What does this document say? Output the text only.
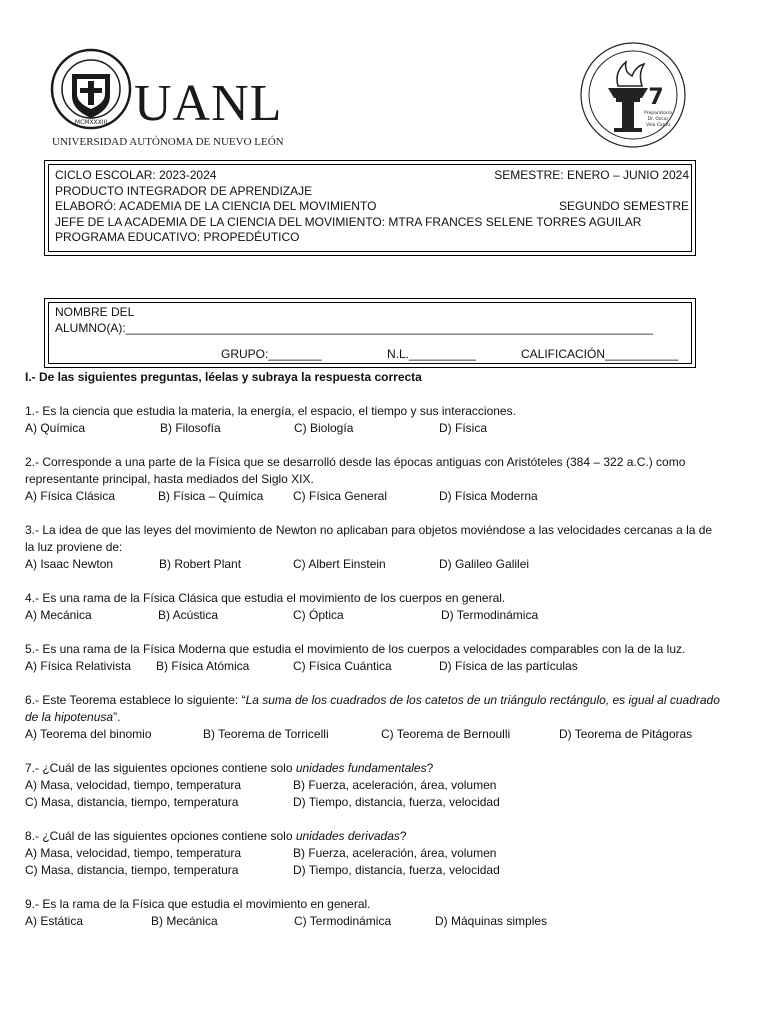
MCMXXXIII UANL
UNIVERSIDAD AUTÓNOMA DE NUEVO LEÓN
7
Preparatoria
Dr. Oscar
Vela Cantú
CICLO ESCOLAR: 2023-2024	SEMESTRE: ENERO – JUNIO 2024
PRODUCTO INTEGRADOR DE APRENDIZAJE
ELABORÓ: ACADEMIA DE LA CIENCIA DEL MOVIMIENTO	SEGUNDO SEMESTRE
JEFE DE LA ACADEMIA DE LA CIENCIA DEL MOVIMIENTO: MTRA FRANCES SELENE TORRES AGUILAR
PROGRAMA EDUCATIVO: PROPEDÉUTICO
NOMBRE DEL
ALUMNO(A):_______________________________________________________________________________
GRUPO:________	N.L.__________	CALIFICACIÓN___________
I.- De las siguientes preguntas, léelas y subraya la respuesta correcta
1.- Es la ciencia que estudia la materia, la energía, el espacio, el tiempo y sus interacciones.
A) Química	B) Filosofía	C) Biología	D) Física
2.- Corresponde a una parte de la Física que se desarrolló desde las épocas antiguas con Aristóteles (384 – 322 a.C.) como representante principal, hasta mediados del Siglo XIX.
A) Física Clásica	B) Física – Química C) Física General	D) Física Moderna
3.- La idea de que las leyes del movimiento de Newton no aplicaban para objetos moviéndose a las velocidades cercanas a la de la luz proviene de:
A) Isaac Newton	B) Robert Plant	C) Albert Einstein	D) Galileo Galilei
4.- Es una rama de la Física Clásica que estudia el movimiento de los cuerpos en general.
A) Mecánica	B) Acústica	C) Óptica	D) Termodinámica
5.- Es una rama de la Física Moderna que estudia el movimiento de los cuerpos a velocidades comparables con la de la luz.
A) Física Relativista B) Física Atómica	C) Física Cuántica	D) Física de las partículas
6.- Este Teorema establece lo siguiente: “La suma de los cuadrados de los catetos de un triángulo rectángulo, es igual al cuadrado de la hipotenusa”.
A) Teorema del binomio	B) Teorema de Torricelli	C) Teorema de Bernoulli	D) Teorema de Pitágoras
7.- ¿Cuál de las siguientes opciones contiene solo unidades fundamentales?
A) Masa, velocidad, tiempo, temperatura	B) Fuerza, aceleración, área, volumen
C) Masa, distancia, tiempo, temperatura	D) Tiempo, distancia, fuerza, velocidad
8.- ¿Cuál de las siguientes opciones contiene solo unidades derivadas?
A) Masa, velocidad, tiempo, temperatura	B) Fuerza, aceleración, área, volumen
C) Masa, distancia, tiempo, temperatura	D) Tiempo, distancia, fuerza, velocidad
9.- Es la rama de la Física que estudia el movimiento en general.
A) Estática	B) Mecánica	C) Termodinámica	D) Máquinas simples
